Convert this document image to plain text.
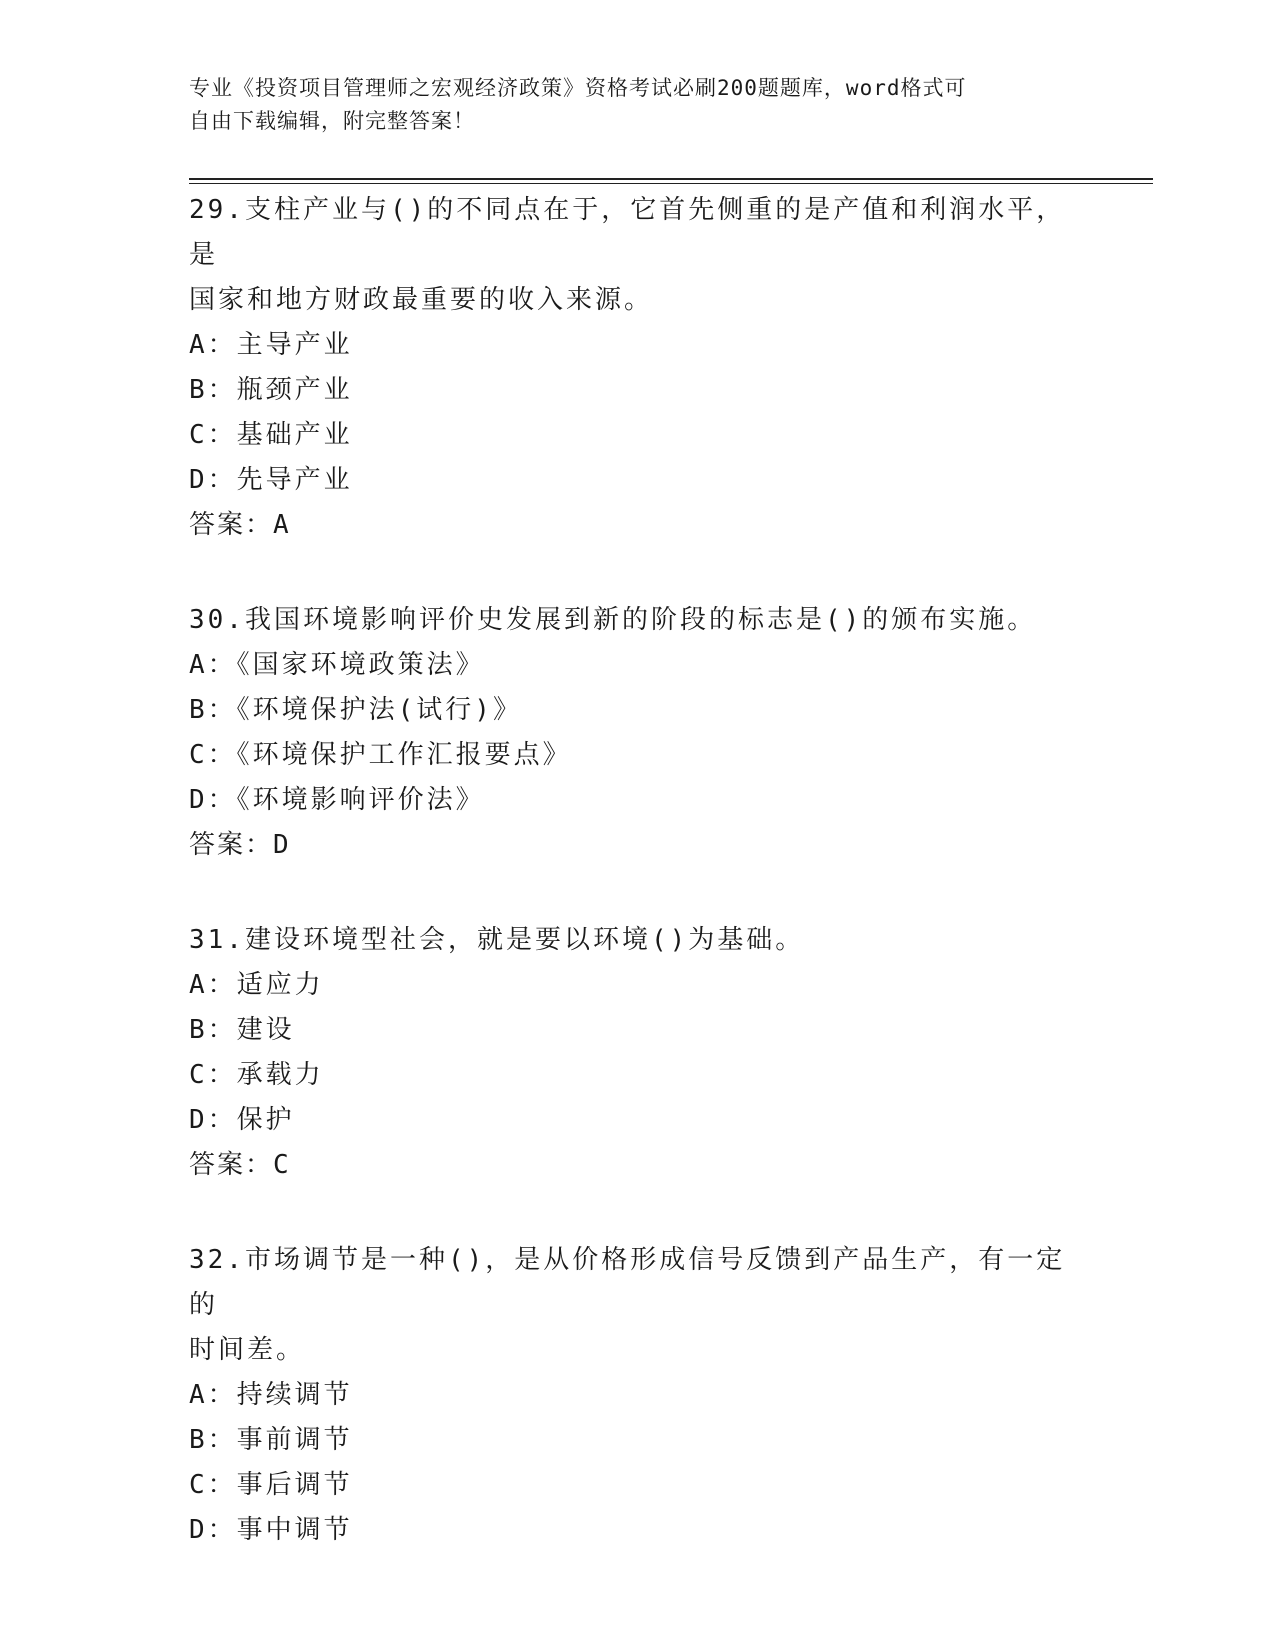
专业《投资项目管理师之宏观经济政策》资格考试必刷200题题库，word格式可
自由下载编辑，附完整答案！
29.支柱产业与()的不同点在于，它首先侧重的是产值和利润水平，是
国家和地方财政最重要的收入来源。
A：主导产业
B：瓶颈产业
C：基础产业
D：先导产业
答案：A
30.我国环境影响评价史发展到新的阶段的标志是()的颁布实施。
A：《国家环境政策法》
B：《环境保护法(试行)》
C：《环境保护工作汇报要点》
D：《环境影响评价法》
答案：D
31.建设环境型社会，就是要以环境()为基础。
A：适应力
B：建设
C：承载力
D：保护
答案：C
32.市场调节是一种()，是从价格形成信号反馈到产品生产，有一定的
时间差。
A：持续调节
B：事前调节
C：事后调节
D：事中调节
